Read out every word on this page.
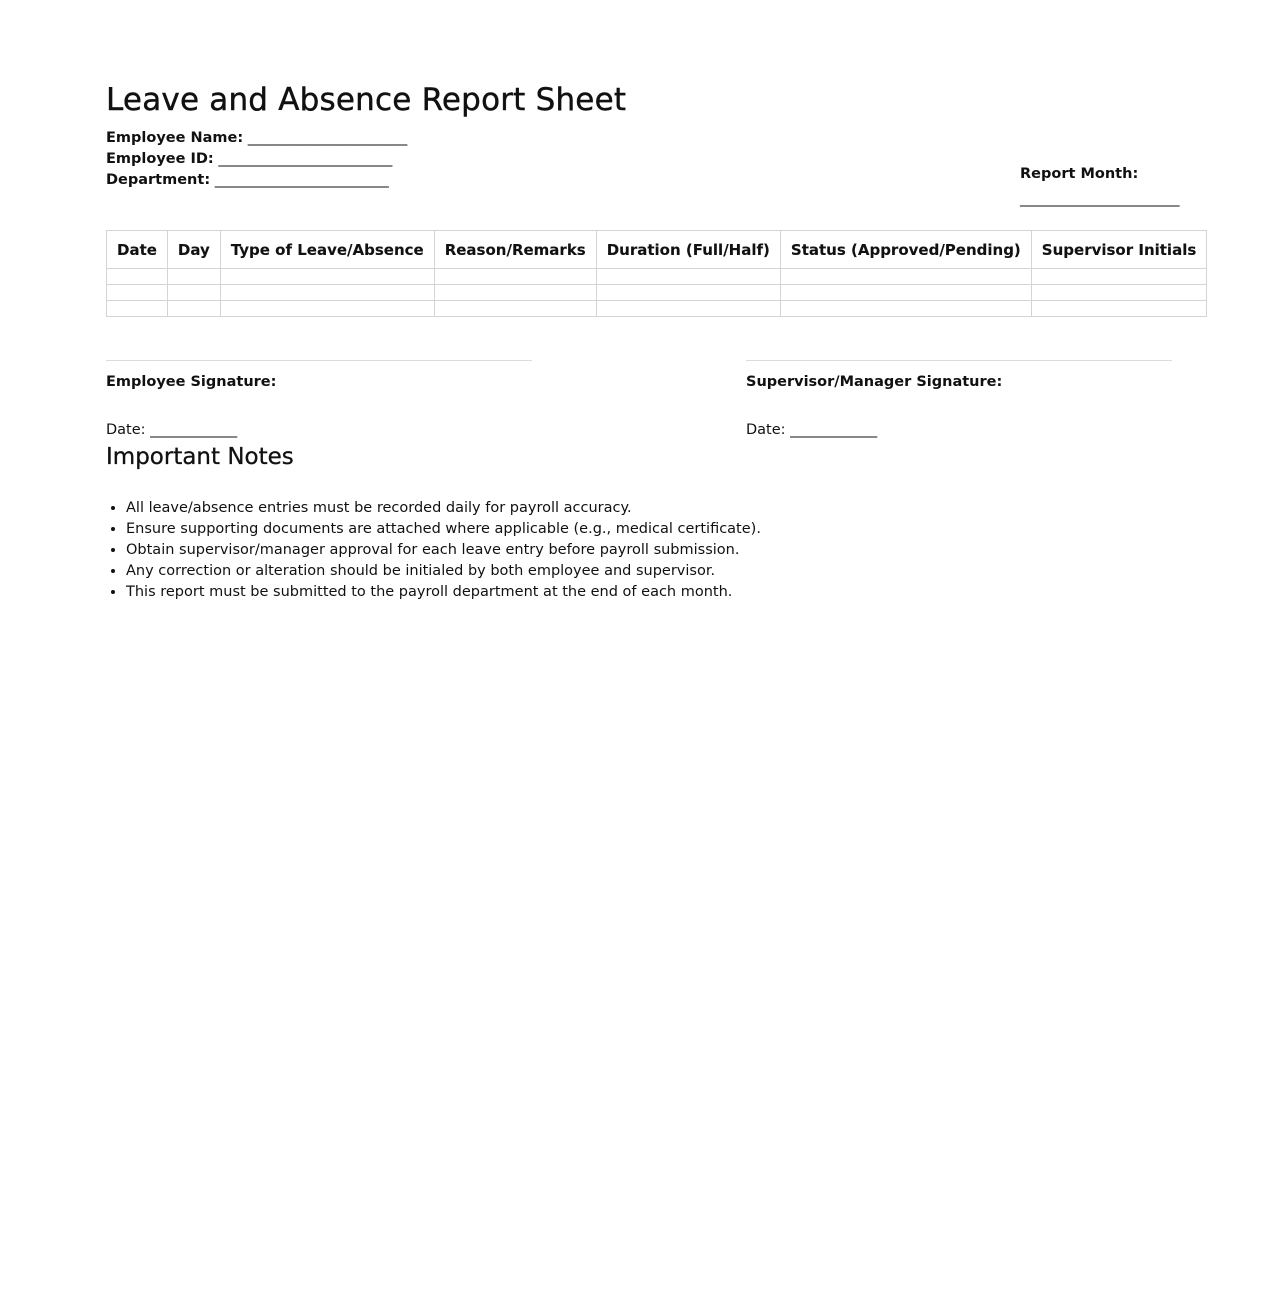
Leave and Absence Report Sheet
Employee Name: ______________________
Employee ID: ________________________
Department: ________________________	Report Month:
______________________
Date	Day	Type of Leave/Absence	Reason/Remarks	Duration (Full/Half)	Status (Approved/Pending)	Supervisor Initials

Employee Signature:
Date: ____________
Supervisor/Manager Signature:
Date: ____________
Important Notes
• All leave/absence entries must be recorded daily for payroll accuracy.
• Ensure supporting documents are attached where applicable (e.g., medical certificate).
• Obtain supervisor/manager approval for each leave entry before payroll submission.
• Any correction or alteration should be initialed by both employee and supervisor.
• This report must be submitted to the payroll department at the end of each month.
